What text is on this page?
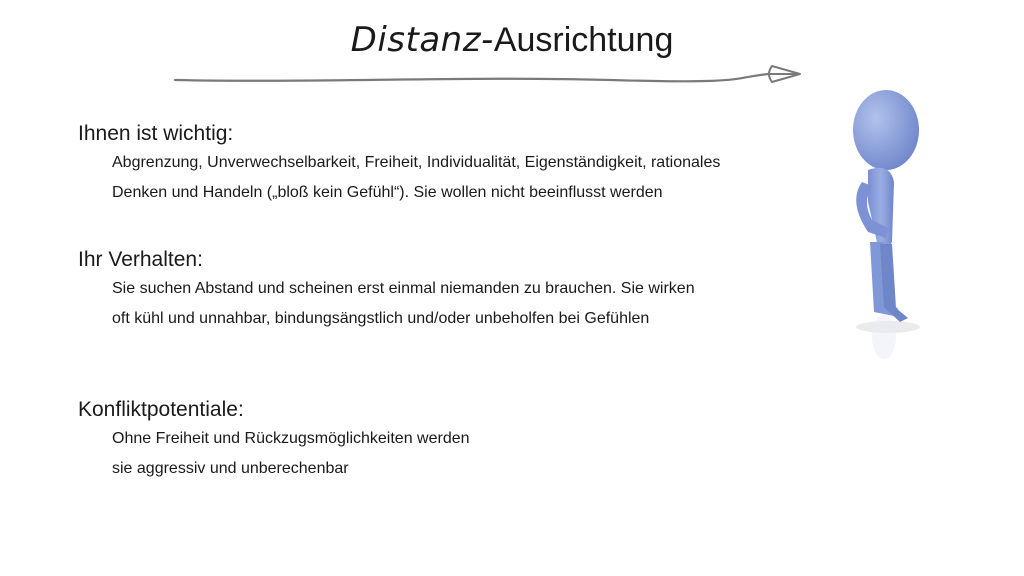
Distanz-Ausrichtung
Ihnen ist wichtig:
Abgrenzung, Unverwechselbarkeit, Freiheit, Individualität, Eigenständigkeit, rationales
Denken und Handeln („bloß kein Gefühl“). Sie wollen nicht beeinflusst werden
Ihr Verhalten:
Sie suchen Abstand und scheinen erst einmal niemanden zu brauchen. Sie wirken
oft kühl und unnahbar, bindungsängstlich und/oder unbeholfen bei Gefühlen
Konfliktpotentiale:
Ohne Freiheit und Rückzugsmöglichkeiten werden
sie aggressiv und unberechenbar
